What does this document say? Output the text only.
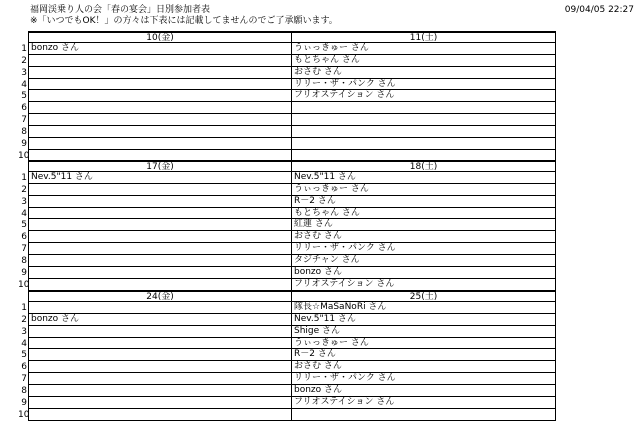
福岡渓乗り人の会「春の宴会」日別参加者表
※「いつでもOK！」の方々は下表には記載してませんのでご了承願います。
09/04/05 22:27
10(金)	11(土)
1 bonzo さん	うぃっきゅー さん
2	もとちゃん さん
3	おさむ さん
4	リリー・ザ・パンク さん
5	フリオステイション さん
6
7
8
9
10
17(金)	18(土)
1 Nev.5"11 さん	Nev.5"11 さん
2	うぃっきゅー さん
3	R－2 さん
4	もとちゃん さん
5	紅蓮 さん
6	おさむ さん
7	リリー・ザ・パンク さん
8	タジチャン さん
9	bonzo さん
10	フリオステイション さん
24(金)	25(土)
1	隊長☆MaSaNoRi さん
2 bonzo さん	Nev.5"11 さん
3	Shige さん
4	うぃっきゅー さん
5	R－2 さん
6	おさむ さん
7	リリー・ザ・パンク さん
8	bonzo さん
9	フリオステイション さん
10
